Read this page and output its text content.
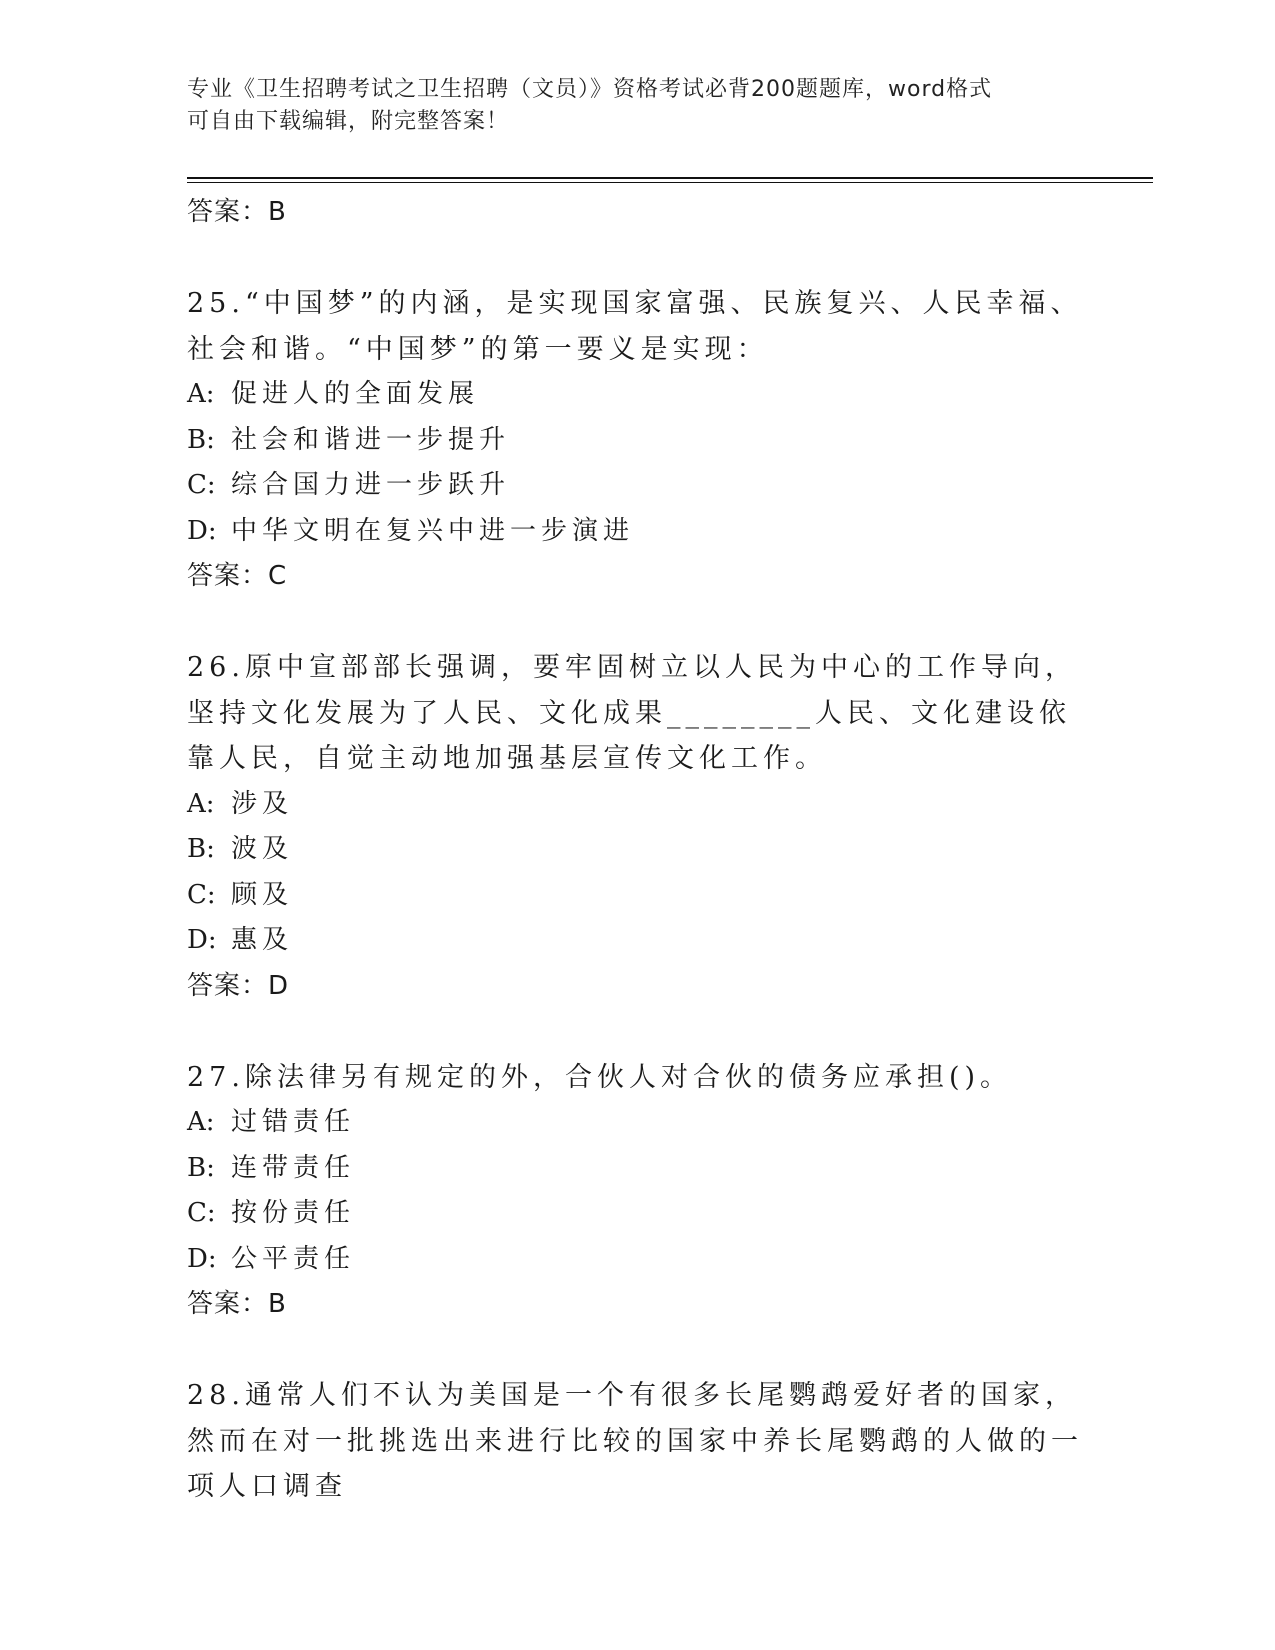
专业《卫生招聘考试之卫生招聘（文员）》资格考试必背200题题库，word格式
可自由下载编辑，附完整答案！
答案：B
25.“中国梦”的内涵，是实现国家富强、民族复兴、人民幸福、社会和谐。“中国梦”的第一要义是实现：
A: 促进人的全面发展
B: 社会和谐进一步提升
C: 综合国力进一步跃升
D: 中华文明在复兴中进一步演进
答案：C
26.原中宣部部长强调，要牢固树立以人民为中心的工作导向，坚持文化发展为了人民、文化成果________人民、文化建设依靠人民，自觉主动地加强基层宣传文化工作。
A: 涉及
B: 波及
C: 顾及
D: 惠及
答案：D
27.除法律另有规定的外，合伙人对合伙的债务应承担()。
A: 过错责任
B: 连带责任
C: 按份责任
D: 公平责任
答案：B
28.通常人们不认为美国是一个有很多长尾鹦鹉爱好者的国家，然而在对一批挑选出来进行比较的国家中养长尾鹦鹉的人做的一项人口调查
